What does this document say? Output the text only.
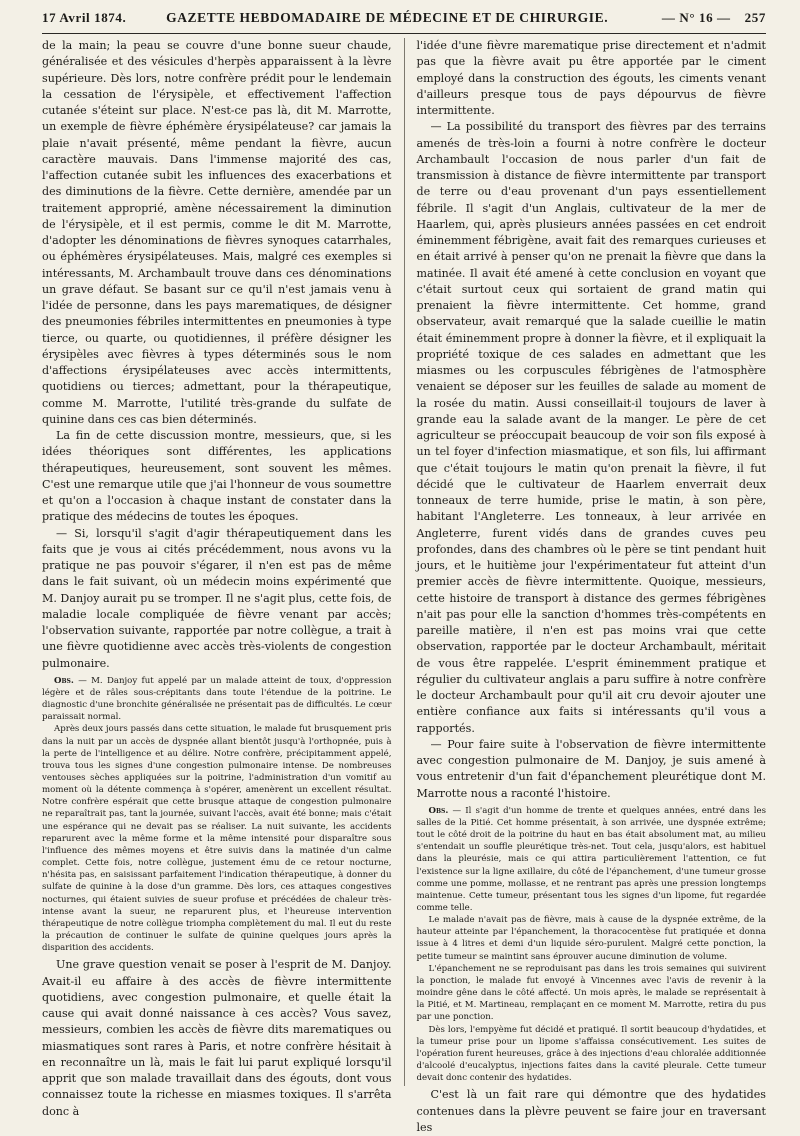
17 Avril 1874.	GAZETTE HEBDOMADAIRE DE MÉDECINE ET DE CHIRURGIE.	— N° 16 — 257

de la main; la peau se couvre d'une bonne sueur chaude, généralisée et des vésicules d'herpès apparaissent à la lèvre supérieure. Dès lors, notre confrère prédit pour le lendemain la cessation de l'érysipèle, et effectivement l'affection cutanée s'éteint sur place. N'est-ce pas là, dit M. Marrotte, un exemple de fièvre éphémère érysipélateuse? car jamais la plaie n'avait présenté, même pendant la fièvre, aucun caractère mauvais. Dans l'immense majorité des cas, l'affection cutanée subit les influences des exacerbations et des diminutions de la fièvre. Cette dernière, amendée par un traitement approprié, amène nécessairement la diminution de l'érysipèle, et il est permis, comme le dit M. Marrotte, d'adopter les dénominations de fièvres synoques catarrhales, ou éphémères érysipélateuses. Mais, malgré ces exemples si intéressants, M. Archambault trouve dans ces dénominations un grave défaut. Se basant sur ce qu'il n'est jamais venu à l'idée de personne, dans les pays marematiques, de désigner des pneumonies fébriles intermittentes en pneumonies à type tierce, ou quarte, ou quotidiennes, il préfère désigner les érysipèles avec fièvres à types déterminés sous le nom d'affections érysipélateuses avec accès intermittents, quotidiens ou tierces; admettant, pour la thérapeutique, comme M. Marrotte, l'utilité très-grande du sulfate de quinine dans ces cas bien déterminés.

La fin de cette discussion montre, messieurs, que, si les idées théoriques sont différentes, les applications thérapeutiques, heureusement, sont souvent les mêmes. C'est une remarque utile que j'ai l'honneur de vous soumettre et qu'on a l'occasion à chaque instant de constater dans la pratique des médecins de toutes les époques.

— Si, lorsqu'il s'agit d'agir thérapeutiquement dans les faits que je vous ai cités précédemment, nous avons vu la pratique ne pas pouvoir s'égarer, il n'en est pas de même dans le fait suivant, où un médecin moins expérimenté que M. Danjoy aurait pu se tromper. Il ne s'agit plus, cette fois, de maladie locale compliquée de fièvre venant par accès; l'observation suivante, rapportée par notre collègue, a trait à une fièvre quotidienne avec accès très-violents de congestion pulmonaire.

Obs. — M. Danjoy fut appelé par un malade atteint de toux, d'oppression légère et de râles sous-crépitants dans toute l'étendue de la poitrine. Le diagnostic d'une bronchite généralisée ne présentait pas de difficultés. Le cœur paraissait normal.

Après deux jours passés dans cette situation, le malade fut brusquement pris dans la nuit par un accès de dyspnée allant bientôt jusqu'à l'orthopnée, puis à la perte de l'intelligence et au délire. Notre confrère, précipitamment appelé, trouva tous les signes d'une congestion pulmonaire intense. De nombreuses ventouses sèches appliquées sur la poitrine, l'administration d'un vomitif au moment où la détente commença à s'opérer, amenèrent un excellent résultat. Notre confrère espérait que cette brusque attaque de congestion pulmonaire ne reparaîtrait pas, tant la journée, suivant l'accès, avait été bonne; mais c'était une espérance qui ne devait pas se réaliser. La nuit suivante, les accidents reparurent avec la même forme et la même intensité pour disparaître sous l'influence des mêmes moyens et être suivis dans la matinée d'un calme complet. Cette fois, notre collègue, justement ému de ce retour nocturne, n'hésita pas, en saisissant parfaitement l'indication thérapeutique, à donner du sulfate de quinine à la dose d'un gramme. Dès lors, ces attaques congestives nocturnes, qui étaient suivies de sueur profuse et précédées de chaleur très-intense avant la sueur, ne reparurent plus, et l'heureuse intervention thérapeutique de notre collègue triompha complètement du mal. Il eut du reste la précaution de continuer le sulfate de quinine quelques jours après la disparition des accidents.

Une grave question venait se poser à l'esprit de M. Danjoy. Avait-il eu affaire à des accès de fièvre intermittente quotidiens, avec congestion pulmonaire, et quelle était la cause qui avait donné naissance à ces accès? Vous savez, messieurs, combien les accès de fièvre dits marematiques ou miasmatiques sont rares à Paris, et notre confrère hésitait à en reconnaître un là, mais le fait lui parut expliqué lorsqu'il apprit que son malade travaillait dans des égouts, dont vous connaissez toute la richesse en miasmes toxiques. Il s'arrêta donc à

l'idée d'une fièvre marematique prise directement et n'admit pas que la fièvre avait pu être apportée par le ciment employé dans la construction des égouts, les ciments venant d'ailleurs presque tous de pays dépourvus de fièvre intermittente.

— La possibilité du transport des fièvres par des terrains amenés de très-loin a fourni à notre confrère le docteur Archambault l'occasion de nous parler d'un fait de transmission à distance de fièvre intermittente par transport de terre ou d'eau provenant d'un pays essentiellement fébrile. Il s'agit d'un Anglais, cultivateur de la mer de Haarlem, qui, après plusieurs années passées en cet endroit éminemment fébrigène, avait fait des remarques curieuses et en était arrivé à penser qu'on ne prenait la fièvre que dans la matinée. Il avait été amené à cette conclusion en voyant que c'était surtout ceux qui sortaient de grand matin qui prenaient la fièvre intermittente. Cet homme, grand observateur, avait remarqué que la salade cueillie le matin était éminemment propre à donner la fièvre, et il expliquait la propriété toxique de ces salades en admettant que les miasmes ou les corpuscules fébrigènes de l'atmosphère venaient se déposer sur les feuilles de salade au moment de la rosée du matin. Aussi conseillait-il toujours de laver à grande eau la salade avant de la manger. Le père de cet agriculteur se préoccupait beaucoup de voir son fils exposé à un tel foyer d'infection miasmatique, et son fils, lui affirmant que c'était toujours le matin qu'on prenait la fièvre, il fut décidé que le cultivateur de Haarlem enverrait deux tonneaux de terre humide, prise le matin, à son père, habitant l'Angleterre. Les tonneaux, à leur arrivée en Angleterre, furent vidés dans de grandes cuves peu profondes, dans des chambres où le père se tint pendant huit jours, et le huitième jour l'expérimentateur fut atteint d'un premier accès de fièvre intermittente. Quoique, messieurs, cette histoire de transport à distance des germes fébrigènes n'ait pas pour elle la sanction d'hommes très-compétents en pareille matière, il n'en est pas moins vrai que cette observation, rapportée par le docteur Archambault, méritait de vous être rappelée. L'esprit éminemment pratique et régulier du cultivateur anglais a paru suffire à notre confrère le docteur Archambault pour qu'il ait cru devoir ajouter une entière confiance aux faits si intéressants qu'il vous a rapportés.

— Pour faire suite à l'observation de fièvre intermittente avec congestion pulmonaire de M. Danjoy, je suis amené à vous entretenir d'un fait d'épanchement pleurétique dont M. Marrotte nous a raconté l'histoire.

Obs. — Il s'agit d'un homme de trente et quelques années, entré dans les salles de la Pitié. Cet homme présentait, à son arrivée, une dyspnée extrême; tout le côté droit de la poitrine du haut en bas était absolument mat, au milieu s'entendait un souffle pleurétique très-net. Tout cela, jusqu'alors, est habituel dans la pleurésie, mais ce qui attira particulièrement l'attention, ce fut l'existence sur la ligne axillaire, du côté de l'épanchement, d'une tumeur grosse comme une pomme, mollasse, et ne rentrant pas après une pression longtemps maintenue. Cette tumeur, présentant tous les signes d'un lipome, fut regardée comme telle.

Le malade n'avait pas de fièvre, mais à cause de la dyspnée extrême, de la hauteur atteinte par l'épanchement, la thoracocentèse fut pratiquée et donna issue à 4 litres et demi d'un liquide séro-purulent. Malgré cette ponction, la petite tumeur se maintint sans éprouver aucune diminution de volume.

L'épanchement ne se reproduisant pas dans les trois semaines qui suivirent la ponction, le malade fut envoyé à Vincennes avec l'avis de revenir à la moindre gêne dans le côté affecté. Un mois après, le malade se représentait à la Pitié, et M. Martineau, remplaçant en ce moment M. Marrotte, retira du pus par une ponction.

Dès lors, l'empyème fut décidé et pratiqué. Il sortit beaucoup d'hydatides, et la tumeur prise pour un lipome s'affaissa consécutivement. Les suites de l'opération furent heureuses, grâce à des injections d'eau chloralée additionnée d'alcoolé d'eucalyptus, injections faites dans la cavité pleurale. Cette tumeur devait donc contenir des hydatides.

C'est là un fait rare qui démontre que des hydatides contenues dans la plèvre peuvent se faire jour en traversant les
